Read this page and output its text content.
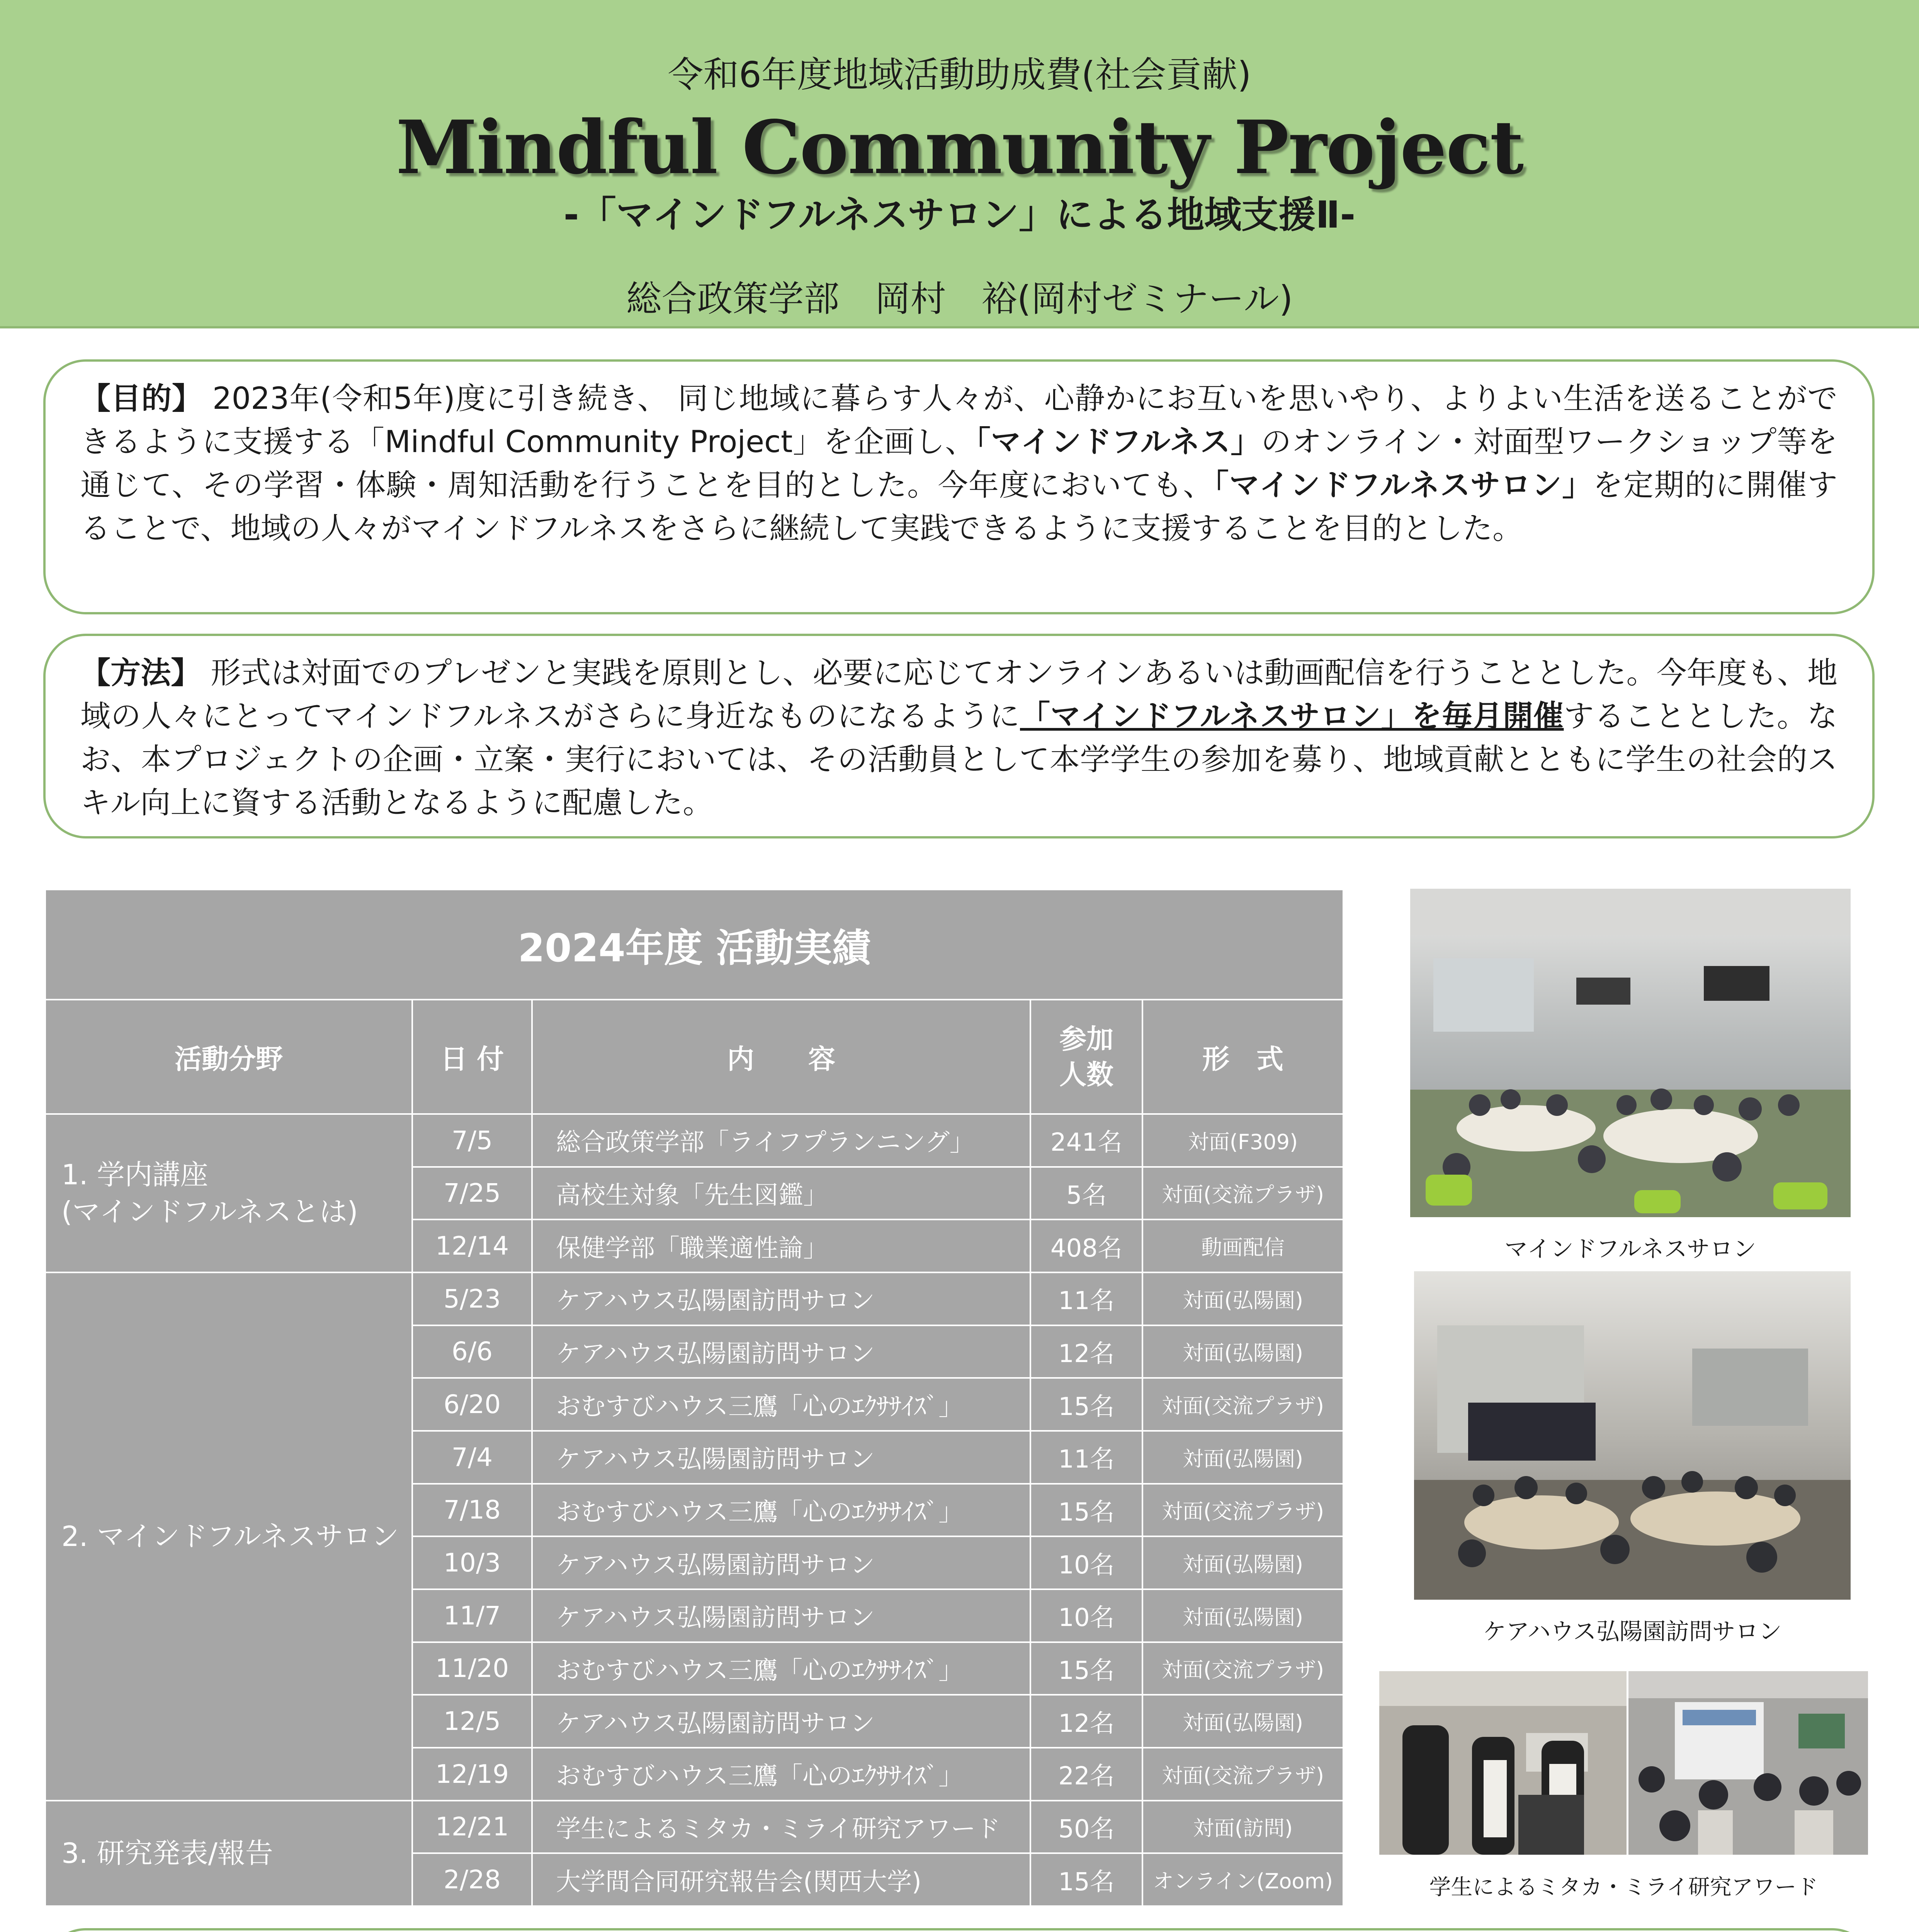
令和6年度地域活動助成費(社会貢献)
Mindful Community Project
-「マインドフルネスサロン」による地域支援Ⅱ-
総合政策学部　岡村　裕(岡村ゼミナール)

【目的】 2023年(令和5年)度に引き続き、 同じ地域に暮らす人々が、心静かにお互いを思いやり、よりよい生活を送ることができるように支援する「Mindful Community Project」を企画し、「マインドフルネス」のオンライン・対面型ワークショップ等を通じて、その学習・体験・周知活動を行うことを目的とした。今年度においても、「マインドフルネスサロン」を定期的に開催することで、地域の人々がマインドフルネスをさらに継続して実践できるように支援することを目的とした。

【方法】 形式は対面でのプレゼンと実践を原則とし、必要に応じてオンラインあるいは動画配信を行うこととした。今年度も、地域の人々にとってマインドフルネスがさらに身近なものになるように「マインドフルネスサロン」を毎月開催することとした。なお、本プロジェクトの企画・立案・実行においては、その活動員として本学学生の参加を募り、地域貢献とともに学生の社会的スキル向上に資する活動となるように配慮した。

2024年度 活動実績				
活動分野	日 付	内　　容	参加人数	形　式
1. 学内講座
(マインドフルネスとは)	7/5	総合政策学部「ライフプランニング」	241名	対面(F309)
	7/25	高校生対象「先生図鑑」	5名	対面(交流プラザ)
	12/14	保健学部「職業適性論」	408名	動画配信
2. マインドフルネスサロン	5/23	ケアハウス弘陽園訪問サロン	11名	対面(弘陽園)
	6/6	ケアハウス弘陽園訪問サロン	12名	対面(弘陽園)
	6/20	おむすびハウス三鷹「心のｴｸｻｻｲｽﾞ」	15名	対面(交流プラザ)
	7/4	ケアハウス弘陽園訪問サロン	11名	対面(弘陽園)
	7/18	おむすびハウス三鷹「心のｴｸｻｻｲｽﾞ」	15名	対面(交流プラザ)
	10/3	ケアハウス弘陽園訪問サロン	10名	対面(弘陽園)
	11/7	ケアハウス弘陽園訪問サロン	10名	対面(弘陽園)
	11/20	おむすびハウス三鷹「心のｴｸｻｻｲｽﾞ」	15名	対面(交流プラザ)
	12/5	ケアハウス弘陽園訪問サロン	12名	対面(弘陽園)
	12/19	おむすびハウス三鷹「心のｴｸｻｻｲｽﾞ」	22名	対面(交流プラザ)
3. 研究発表/報告	12/21	学生によるミタカ・ミライ研究アワード	50名	対面(訪問)
	2/28	大学間合同研究報告会(関西大学)	15名	オンライン(Zoom)
マインドフルネスサロン
ケアハウス弘陽園訪問サロン
学生によるミタカ・ミライ研究アワード
